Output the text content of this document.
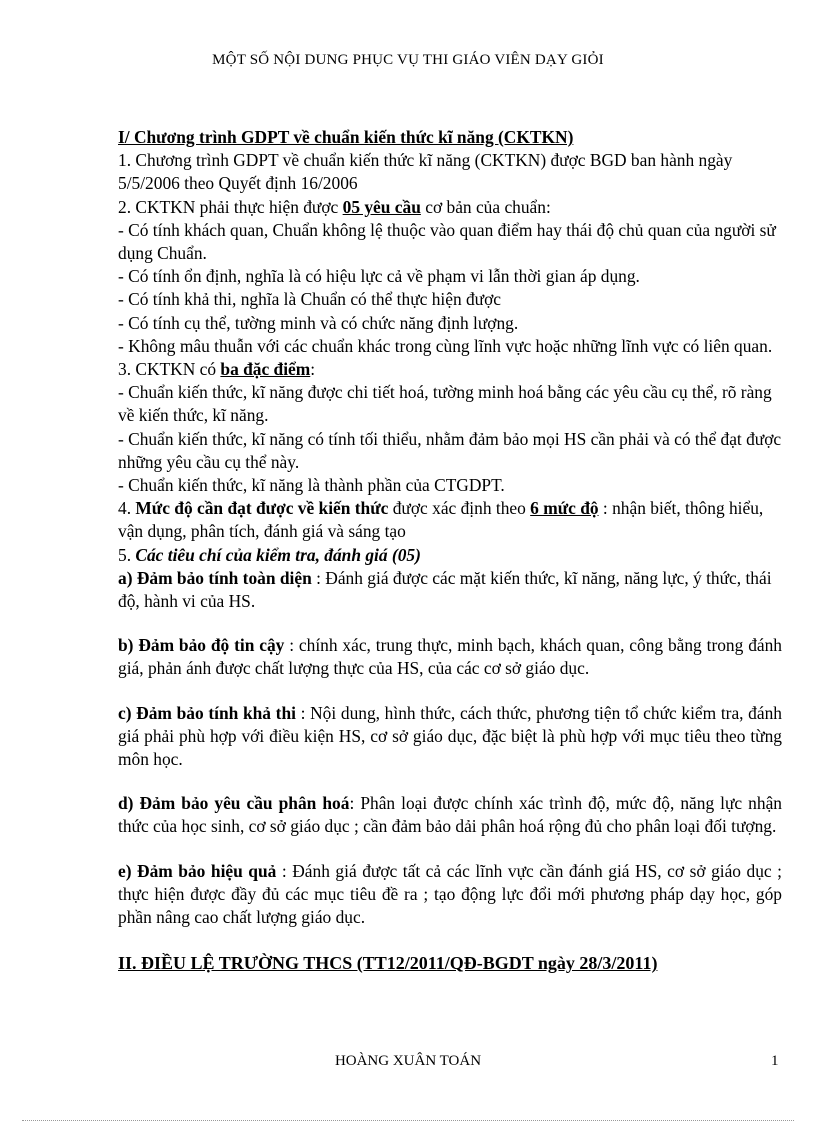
MỘT SỐ NỘI DUNG PHỤC VỤ THI GIÁO VIÊN DẠY GIỎI

I/ Chương trình GDPT về chuẩn kiến thức kĩ năng (CKTKN)

1. Chương trình GDPT về chuẩn kiến thức kĩ năng (CKTKN) được BGD ban hành ngày 5/5/2006 theo Quyết định 16/2006

2. CKTKN phải thực hiện được 05 yêu cầu cơ bản của chuẩn:

- Có tính khách quan, Chuẩn không lệ thuộc vào quan điểm hay thái độ chủ quan của người sử dụng Chuẩn.

- Có tính ổn định, nghĩa là có hiệu lực cả về phạm vi lẫn thời gian áp dụng.

- Có tính khả thi, nghĩa là Chuẩn có thể thực hiện được

- Có tính cụ thể, tường minh và có chức năng định lượng.

- Không mâu thuẫn với các chuẩn khác trong cùng lĩnh vực hoặc những lĩnh vực có liên quan.

3. CKTKN có ba đặc điểm:

- Chuẩn kiến thức, kĩ năng được chi tiết hoá, tường minh hoá bằng các yêu cầu cụ thể, rõ ràng về kiến thức, kĩ năng.

- Chuẩn kiến thức, kĩ năng có tính tối thiểu, nhằm đảm bảo mọi HS cần phải và có thể đạt được những yêu cầu cụ thể này.

- Chuẩn kiến thức, kĩ năng là thành phần của CTGDPT.

4. Mức độ cần đạt được về kiến thức được xác định theo 6 mức độ : nhận biết, thông hiểu, vận dụng, phân tích, đánh giá và sáng tạo

5. Các tiêu chí của kiểm tra, đánh giá (05)

a) Đảm bảo tính toàn diện : Đánh giá được các mặt kiến thức, kĩ năng, năng lực, ý thức, thái độ, hành vi của HS.

b) Đảm bảo độ tin cậy : chính xác, trung thực, minh bạch, khách quan, công bằng trong đánh giá, phản ánh được chất lượng thực của HS, của các cơ sở giáo dục.

c) Đảm bảo tính khả thi : Nội dung, hình thức, cách thức, phương tiện tổ chức kiểm tra, đánh giá phải phù hợp với điều kiện HS, cơ sở giáo dục, đặc biệt là phù hợp với mục tiêu theo từng môn học.

d) Đảm bảo yêu cầu phân hoá: Phân loại được chính xác trình độ, mức độ, năng lực nhận thức của học sinh, cơ sở giáo dục ; cần đảm bảo dải phân hoá rộng đủ cho phân loại đối tượng.

e) Đảm bảo hiệu quả : Đánh giá được tất cả các lĩnh vực cần đánh giá HS, cơ sở giáo dục ; thực hiện được đầy đủ các mục tiêu đề ra ; tạo động lực đổi mới phương pháp dạy học, góp phần nâng cao chất lượng giáo dục.

II. ĐIỀU LỆ TRƯỜNG THCS (TT12/2011/QĐ-BGDT ngày 28/3/2011)

HOÀNG XUÂN TOÁN	1
